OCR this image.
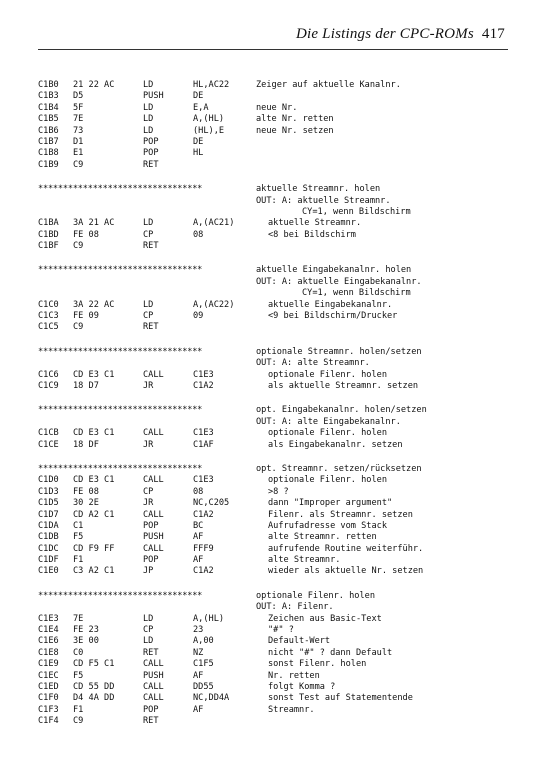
Die Listings der CPC-ROMs 417
C1B0 21 22 AC	LD	HL,AC22	Zeiger auf aktuelle Kanalnr.
C1B3 D5	PUSH	DE
C1B4 5F	LD	E,A	neue Nr.
C1B5 7E	LD	A,(HL)	alte Nr. retten
C1B6 73	LD	(HL),E	neue Nr. setzen
C1B7 D1	POP	DE
C1B8 E1	POP	HL
C1B9 C9	RET
*********************************	aktuelle Streamnr. holen
OUT: A: aktuelle Streamnr.
CY=1, wenn Bildschirm
C1BA 3A 21 AC	LD	A,(AC21)	aktuelle Streamnr.
C1BD FE 08	CP	08	<8 bei Bildschirm
C1BF C9	RET
*********************************	aktuelle Eingabekanalnr. holen
OUT: A: aktuelle Eingabekanalnr.
CY=1, wenn Bildschirm
C1C0 3A 22 AC	LD	A,(AC22)	aktuelle Eingabekanalnr.
C1C3 FE 09	CP	09	<9 bei Bildschirm/Drucker
C1C5 C9	RET
*********************************	optionale Streamnr. holen/setzen
OUT: A: alte Streamnr.
C1C6 CD E3 C1	CALL	C1E3	optionale Filenr. holen
C1C9 18 D7	JR	C1A2	als aktuelle Streamnr. setzen
*********************************	opt. Eingabekanalnr. holen/setzen
OUT: A: alte Eingabekanalnr.
C1CB CD E3 C1	CALL	C1E3	optionale Filenr. holen
C1CE 18 DF	JR	C1AF	als Eingabekanalnr. setzen
*********************************	opt. Streamnr. setzen/rücksetzen
C1D0 CD E3 C1	CALL	C1E3	optionale Filenr. holen
C1D3 FE 08	CP	08	>8 ?
C1D5 30 2E	JR	NC,C205	dann "Improper argument"
C1D7 CD A2 C1	CALL	C1A2	Filenr. als Streamnr. setzen
C1DA C1	POP	BC	Aufrufadresse vom Stack
C1DB F5	PUSH	AF	alte Streamnr. retten
C1DC CD F9 FF	CALL	FFF9	aufrufende Routine weiterführ.
C1DF F1	POP	AF	alte Streamnr.
C1E0 C3 A2 C1	JP	C1A2	wieder als aktuelle Nr. setzen
*********************************	optionale Filenr. holen
OUT: A: Filenr.
C1E3 7E	LD	A,(HL)	Zeichen aus Basic-Text
C1E4 FE 23	CP	23	"#" ?
C1E6 3E 00	LD	A,00	Default-Wert
C1E8 C0	RET	NZ	nicht "#" ? dann Default
C1E9 CD F5 C1	CALL	C1F5	sonst Filenr. holen
C1EC F5	PUSH	AF	Nr. retten
C1ED CD 55 DD	CALL	DD55	folgt Komma ?
C1F0 D4 4A DD	CALL	NC,DD4A	sonst Test auf Statementende
C1F3 F1	POP	AF	Streamnr.
C1F4 C9	RET
